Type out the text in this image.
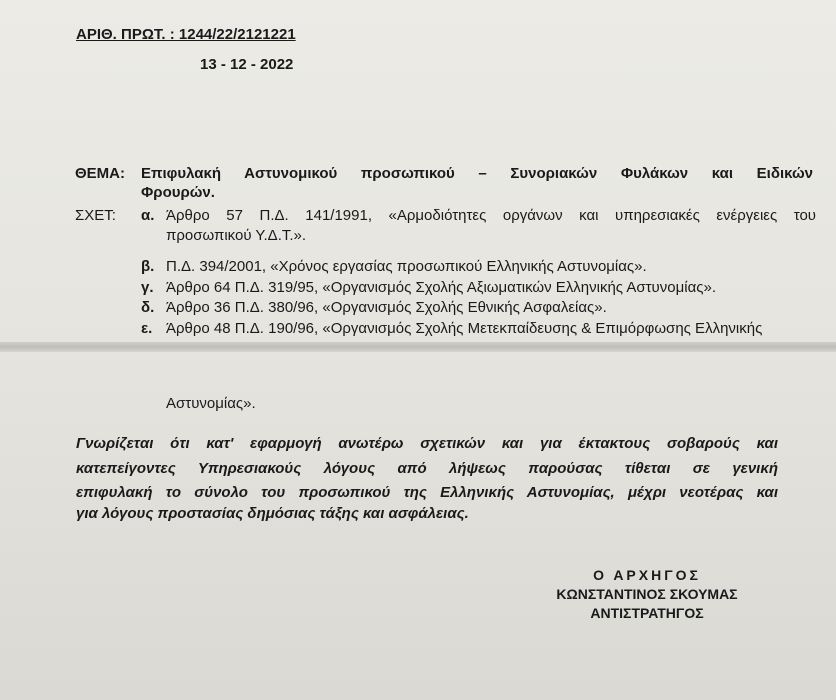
ΑΡΙΘ. ΠΡΩΤ. : 1244/22/2121221
13 - 12 - 2022
ΘΕΜΑ: Επιφυλακή Αστυνομικού προσωπικού – Συνοριακών Φυλάκων και Ειδικών
Φρουρών.
ΣΧΕΤ: α. Άρθρο 57 Π.Δ. 141/1991, «Αρμοδιότητες οργάνων και υπηρεσιακές ενέργειες του
προσωπικού Υ.Δ.Τ.».
β. Π.Δ. 394/2001, «Χρόνος εργασίας προσωπικού Ελληνικής Αστυνομίας».
γ. Άρθρο 64 Π.Δ. 319/95, «Οργανισμός Σχολής Αξιωματικών Ελληνικής Αστυνομίας».
δ. Άρθρο 36 Π.Δ. 380/96, «Οργανισμός Σχολής Εθνικής Ασφαλείας».
ε. Άρθρο 48 Π.Δ. 190/96, «Οργανισμός Σχολής Μετεκπαίδευσης & Επιμόρφωσης Ελληνικής
Αστυνομίας».
Γνωρίζεται ότι κατ' εφαρμογή ανωτέρω σχετικών και για έκτακτους σοβαρούς και
κατεπείγοντες Υπηρεσιακούς λόγους από λήψεως παρούσας τίθεται σε γενική
επιφυλακή το σύνολο του προσωπικού της Ελληνικής Αστυνομίας, μέχρι νεοτέρας και
για λόγους προστασίας δημόσιας τάξης και ασφάλειας.
Ο ΑΡΧΗΓΟΣ
ΚΩΝΣΤΑΝΤΙΝΟΣ ΣΚΟΥΜΑΣ
ΑΝΤΙΣΤΡΑΤΗΓΟΣ
